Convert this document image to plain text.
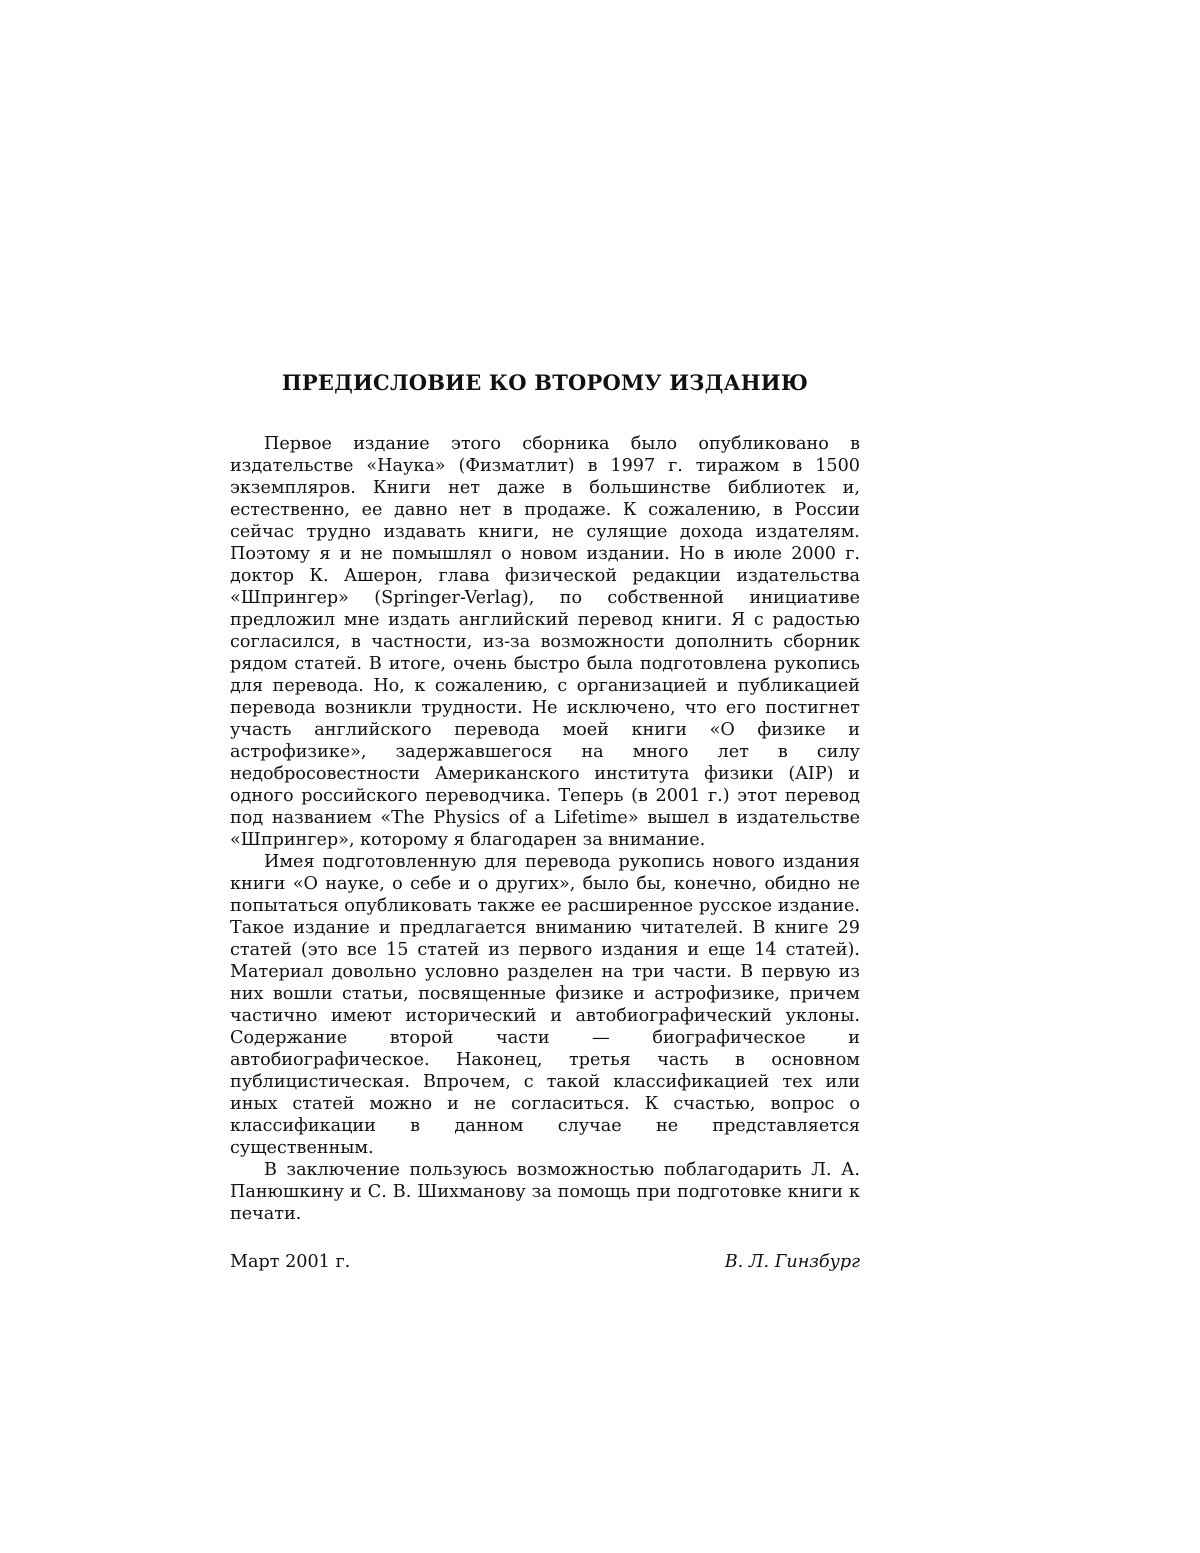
ПРЕДИСЛОВИЕ КО ВТОРОМУ ИЗДАНИЮ

Первое издание этого сборника было опубликовано в издательстве «Наука» (Физматлит) в 1997 г. тиражом в 1500 экземпляров. Книги нет даже в большинстве библиотек и, естественно, ее давно нет в продаже. К сожалению, в России сейчас трудно издавать книги, не сулящие дохода издателям. Поэтому я и не помышлял о новом издании. Но в июле 2000 г. доктор К. Ашерон, глава физической редакции издательства «Шпрингер» (Springer-Verlag), по собственной инициативе предложил мне издать английский перевод книги. Я с радостью согласился, в частности, из-за возможности дополнить сборник рядом статей. В итоге, очень быстро была подготовлена рукопись для перевода. Но, к сожалению, с организацией и публикацией перевода возникли трудности. Не исключено, что его постигнет участь английского перевода моей книги «О физике и астрофизике», задержавшегося на много лет в силу недобросовестности Американского института физики (AIP) и одного российского переводчика. Теперь (в 2001 г.) этот перевод под названием «The Physics of a Lifetime» вышел в издательстве «Шпрингер», которому я благодарен за внимание.

Имея подготовленную для перевода рукопись нового издания книги «О науке, о себе и о других», было бы, конечно, обидно не попытаться опубликовать также ее расширенное русское издание. Такое издание и предлагается вниманию читателей. В книге 29 статей (это все 15 статей из первого издания и еще 14 статей). Материал довольно условно разделен на три части. В первую из них вошли статьи, посвященные физике и астрофизике, причем частично имеют исторический и автобиографический уклоны. Содержание второй части — биографическое и автобиографическое. Наконец, третья часть в основном публицистическая. Впрочем, с такой классификацией тех или иных статей можно и не согласиться. К счастью, вопрос о классификации в данном случае не представляется существенным.

В заключение пользуюсь возможностью поблагодарить Л. А. Панюшкину и С. В. Шихманову за помощь при подготовке книги к печати.

Март 2001 г.	В. Л. Гинзбург
